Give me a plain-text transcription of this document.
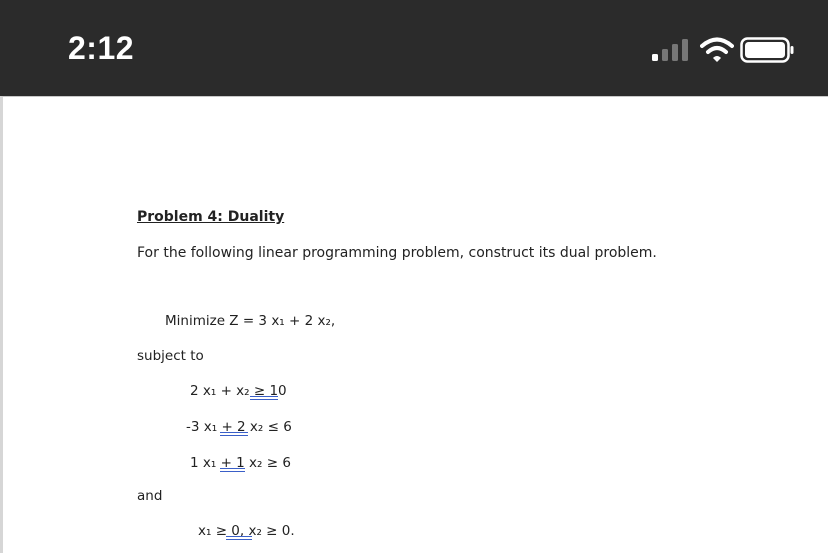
2:12
Problem 4: Duality
For the following linear programming problem, construct its dual problem.
Minimize Z = 3 x₁ + 2 x₂,
subject to
2 x₁ + x₂ ≥ 10
-3 x₁ + 2 x₂ ≤ 6
1 x₁ + 1 x₂ ≥ 6
and
x₁ ≥ 0, x₂ ≥ 0.
